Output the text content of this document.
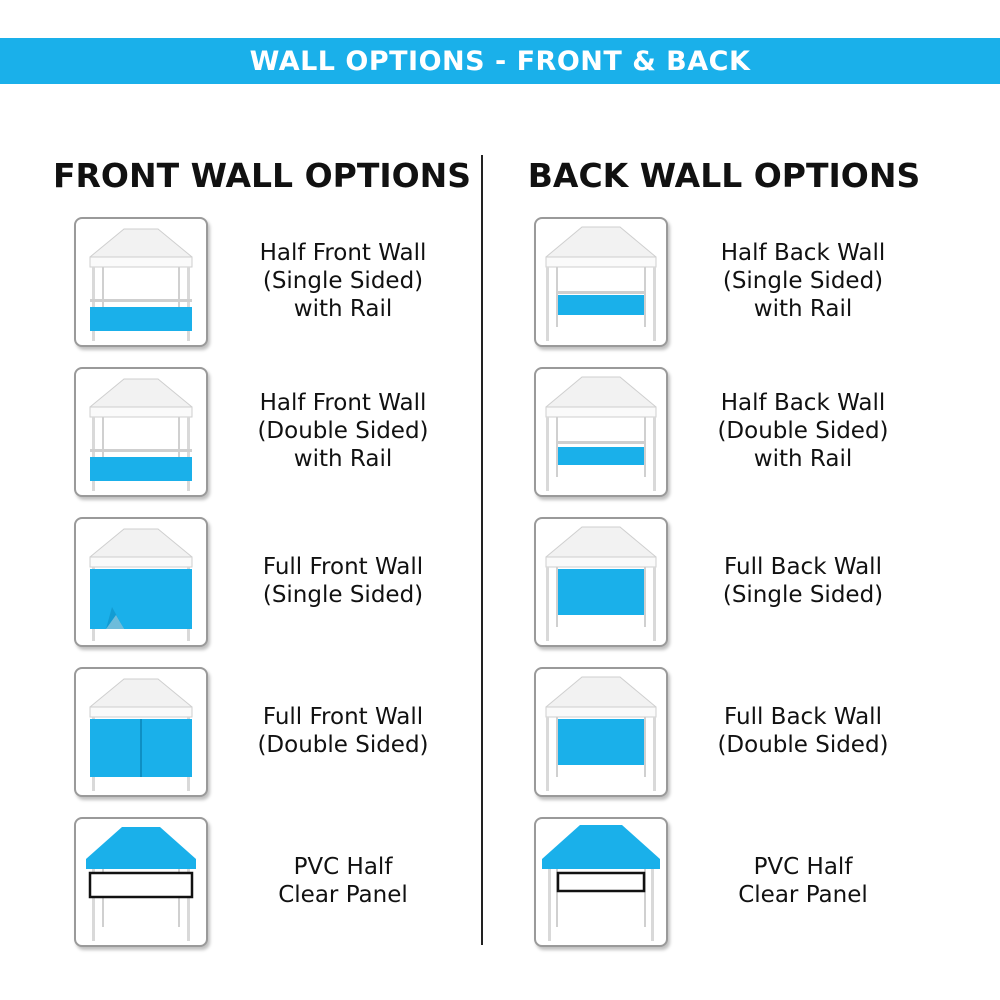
WALL OPTIONS - FRONT & BACK
FRONT WALL OPTIONS	BACK WALL OPTIONS
Half Front Wall
(Single Sided)
with Rail
Half Front Wall
(Double Sided)
with Rail
Full Front Wall
(Single Sided)
Full Front Wall
(Double Sided)
PVC Half
Clear Panel
Half Back Wall
(Single Sided)
with Rail
Half Back Wall
(Double Sided)
with Rail
Full Back Wall
(Single Sided)
Full Back Wall
(Double Sided)
PVC Half
Clear Panel
